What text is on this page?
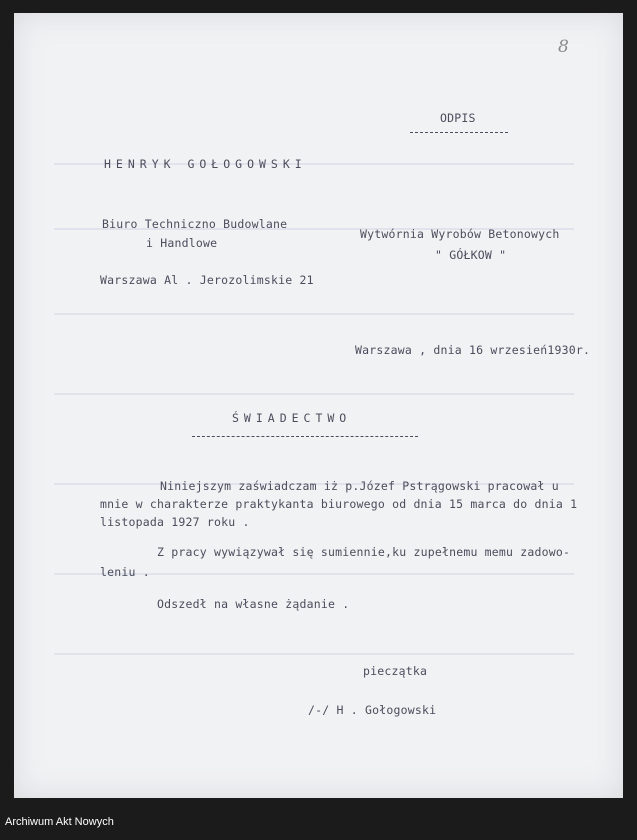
8
ODPIS
HENRYK GOŁOGOWSKI
Biuro Techniczno Budowlane
i Handlowe
Wytwórnia Wyrobów Betonowych
" GÓŁKOW "
Warszawa Al . Jerozolimskie 21
Warszawa , dnia 16 wrzesień1930r.
ŚWIADECTWO
Niniejszym zaświadczam iż p.Józef Pstrągowski pracował u
mnie w charakterze praktykanta biurowego od dnia 15 marca do dnia 1
listopada 1927 roku .
Z pracy wywiązywał się sumiennie,ku zupełnemu memu zadowo-
leniu .
Odszedł na własne żądanie .
pieczątka
/-/ H . Gołogowski
Archiwum Akt Nowych
